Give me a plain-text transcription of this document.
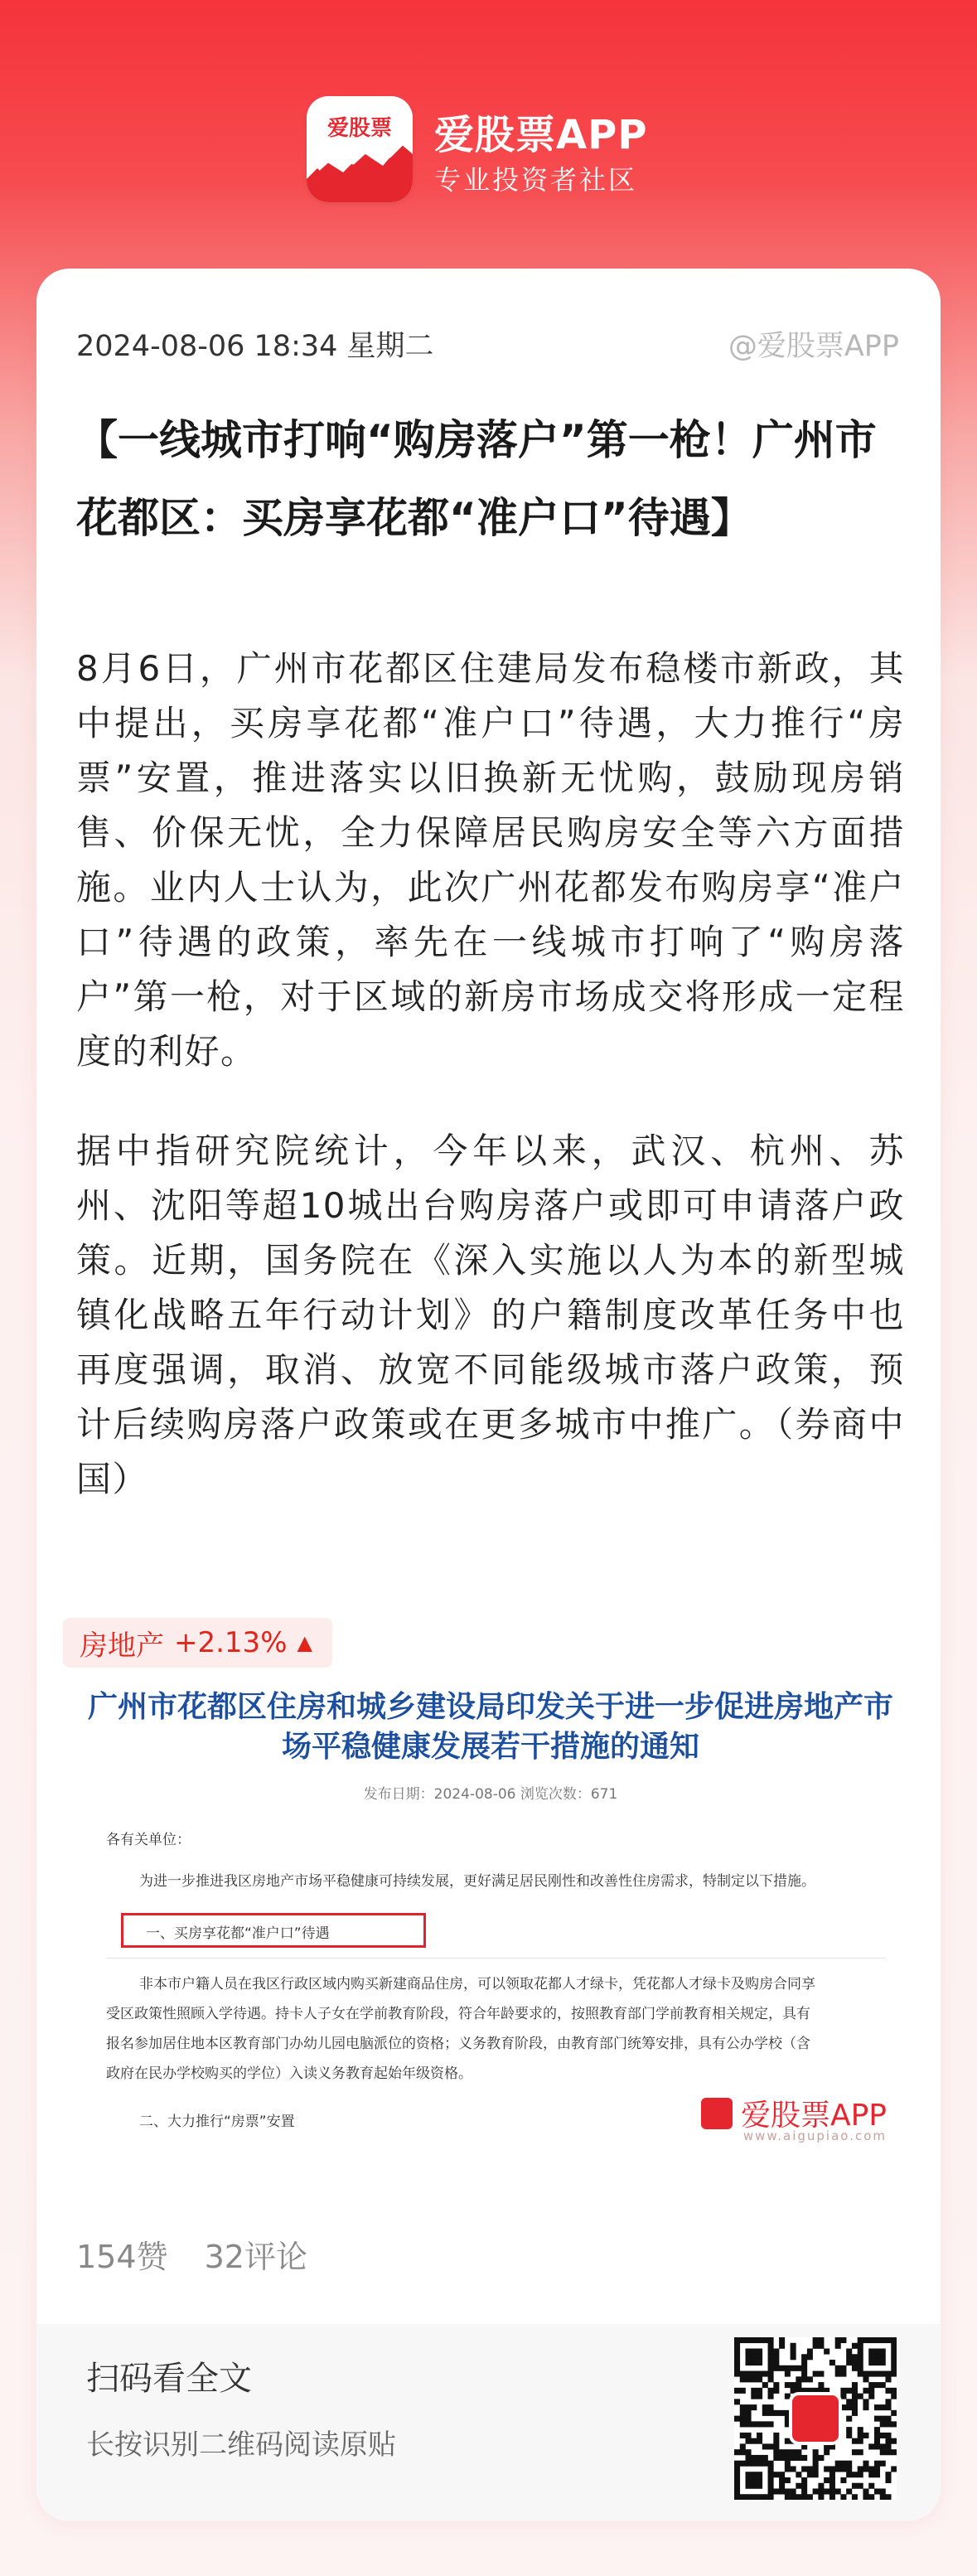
爱股票	爱股票APP
专业投资者社区
2024-08-06 18:34 星期二	@爱股票APP
【一线城市打响“购房落户”第一枪！广州市花都区：买房享花都“准户口”待遇】

8月6日，广州市花都区住建局发布稳楼市新政，其中提出，买房享花都“准户口”待遇，大力推行“房票”安置，推进落实以旧换新无忧购，鼓励现房销售、价保无忧，全力保障居民购房安全等六方面措施。业内人士认为，此次广州花都发布购房享“准户口”待遇的政策，率先在一线城市打响了“购房落户”第一枪，对于区域的新房市场成交将形成一定程度的利好。

据中指研究院统计，今年以来，武汉、杭州、苏州、沈阳等超10城出台购房落户或即可申请落户政策。近期，国务院在《深入实施以人为本的新型城镇化战略五年行动计划》的户籍制度改革任务中也再度强调，取消、放宽不同能级城市落户政策，预计后续购房落户政策或在更多城市中推广。（券商中国）

房地产 +2.13% ▲

广州市花都区住房和城乡建设局印发关于进一步促进房地产市场平稳健康发展若干措施的通知

发布日期：2024-08-06 浏览次数：671
各有关单位：
为进一步推进我区房地产市场平稳健康可持续发展，更好满足居民刚性和改善性住房需求，特制定以下措施。
一、买房享花都“准户口”待遇
非本市户籍人员在我区行政区域内购买新建商品住房，可以领取花都人才绿卡，凭花都人才绿卡及购房合同享
受区政策性照顾入学待遇。持卡人子女在学前教育阶段，符合年龄要求的，按照教育部门学前教育相关规定，具有
报名参加居住地本区教育部门办幼儿园电脑派位的资格；义务教育阶段，由教育部门统筹安排，具有公办学校（含
政府在民办学校购买的学位）入读义务教育起始年级资格。
二、大力推行“房票”安置	爱股票APP
www.aigupiao.com
154赞 32评论
扫码看全文
长按识别二维码阅读原贴
